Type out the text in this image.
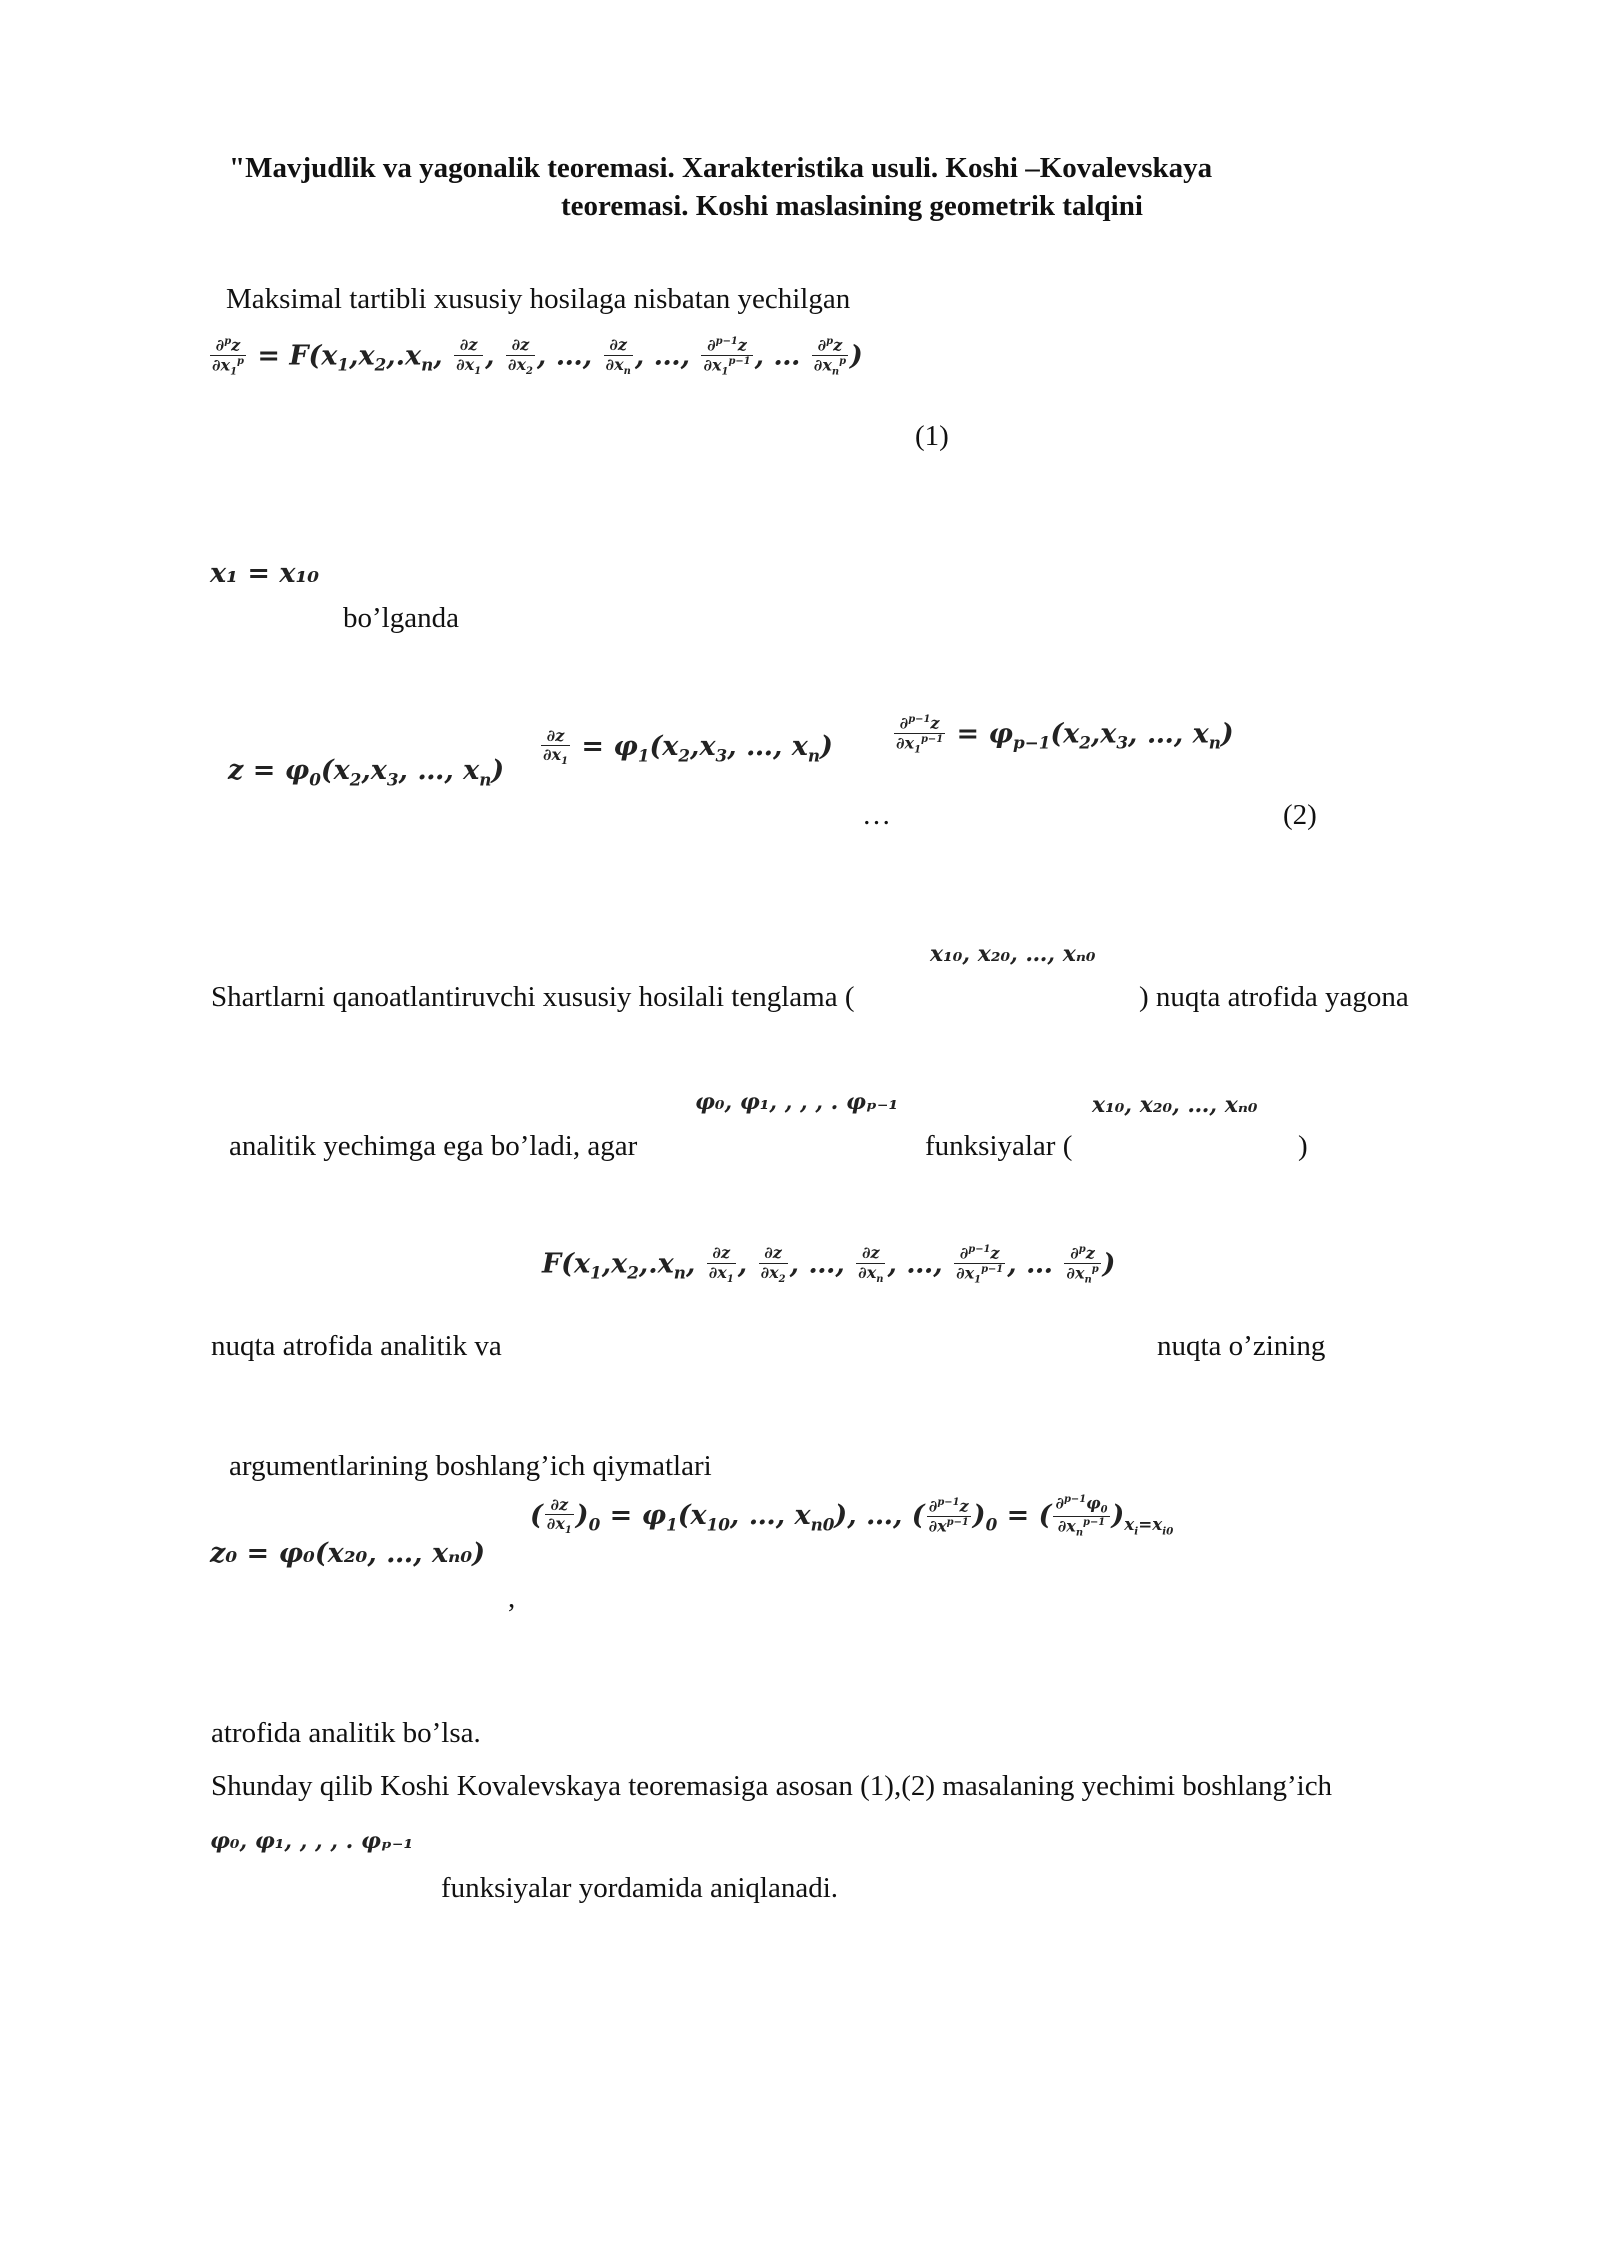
"Mavjudlik va yagonalik teoremasi. Xarakteristika usuli. Koshi –Kovalevskaya
teoremasi. Koshi maslasining geometrik talqini
Maksimal tartibli xususiy hosilaga nisbatan yechilgan
$\frac{\partial^pz}{\partial x_1^p} = F(x_1,x_2,.x_n$, $\frac{\partial z}{\partial x_1}$ , $\frac{\partial z}{\partial x_2}$ , …, $\frac{\partial z}{\partial x_n}$ , …, $\frac{\partial^{p-1}z}{\partial x_1^{p-1}}$ , … ∂$^p$z
$\partial x_n^p$ )
(1)
x₁ = x₁₀
bo’lganda
$z = \varphi_0(x_2,x_3$, …, $x_n$)
$\frac{\partial z}{\partial x_1} = \varphi_1(x_2,x_3$, …, $x_n$)	$\frac{\partial^{p-1}z}{\partial x_1^{p-1}} = \varphi_{p-1}(x_2,x_3$, …, $x_n$)
…	(2)
x₁₀, x₂₀, …, xₙ₀
Shartlarni qanoatlantiruvchi xususiy hosilali tenglama (	) nuqta atrofida yagona
φ₀, φ₁, , , , . φₚ₋₁	x₁₀, x₂₀, …, xₙ₀
analitik yechimga ega bo’ladi, agar	funksiyalar (	)
$F(x_1,x_2,.x_n$, $\frac{\partial z}{\partial x_1}$ , $\frac{\partial z}{\partial x_2}$ , …, $\frac{\partial z}{\partial x_n}$ , …, $\frac{\partial^{p-1}z}{\partial x_1^{p-1}}$ , … ∂$^p$z
$\partial x_n^p$ )
nuqta atrofida analitik va	nuqta o’zining
argumentlarining boshlang’ich qiymatlari
z₀ = φ₀(x₂₀, …, xₙ₀)
( $\frac{\partial z}{\partial x_1} )_0 = \varphi_1(x_{10}$, …, $x_{n0}$), …, ( $\frac{\partial^{p-1}z}{\partial x^{p-1}} )_0$ = ( $\partial^{p-1}\varphi_0$
$\partial x_n^{p-1}$ )$_{x_i=x_{i0}}$
,
atrofida analitik bo’lsa.
Shunday qilib Koshi Kovalevskaya teoremasiga asosan (1),(2) masalaning yechimi boshlang’ich
φ₀, φ₁, , , , . φₚ₋₁
funksiyalar yordamida aniqlanadi.
